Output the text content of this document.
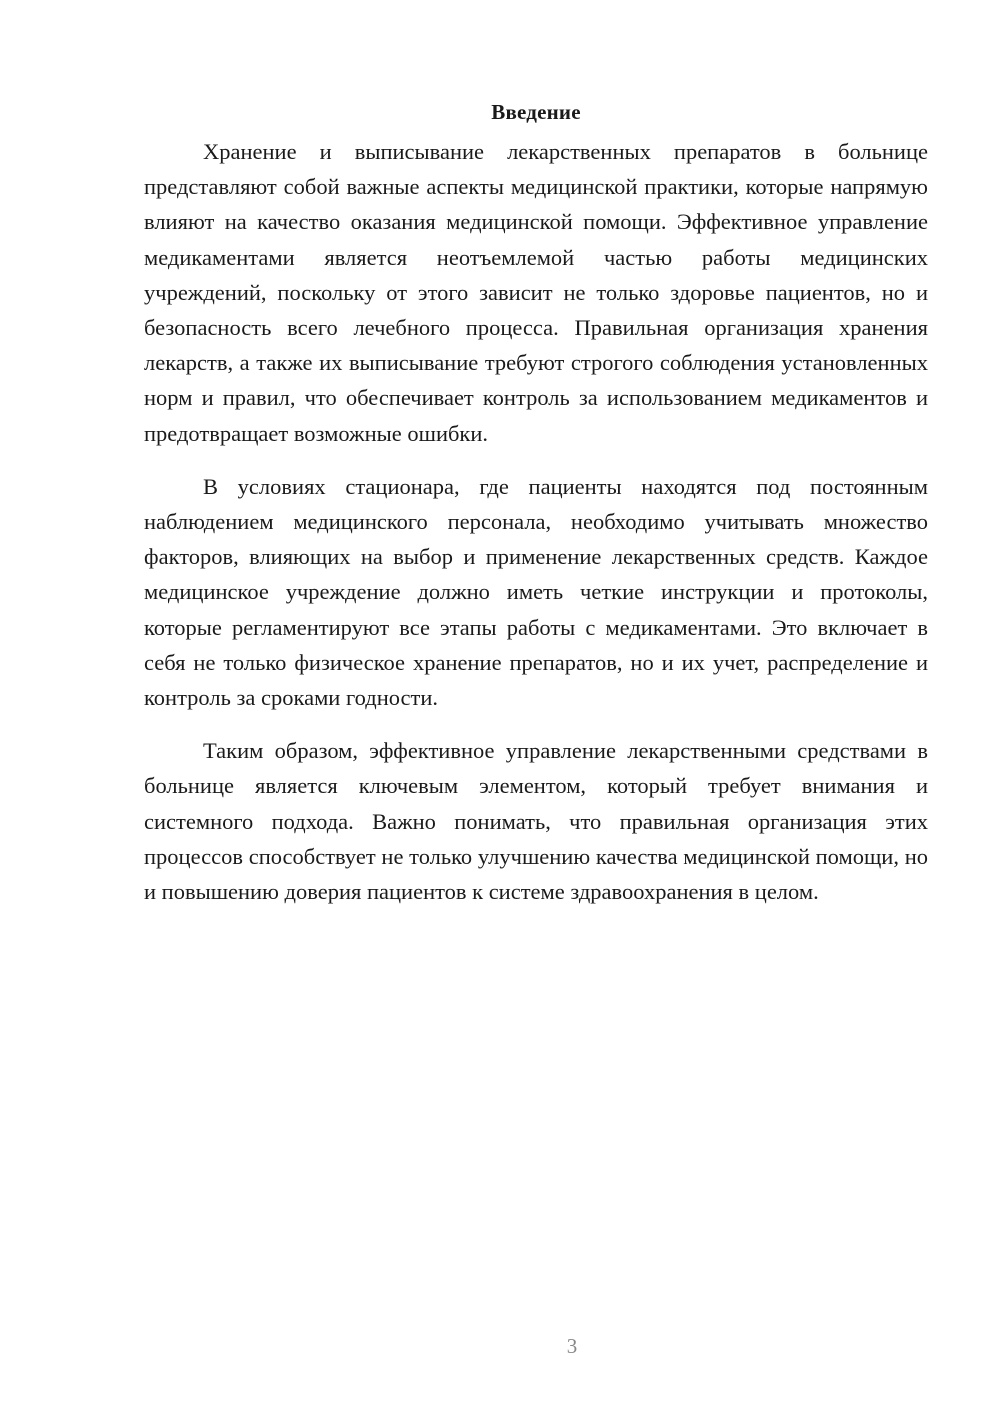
Введение

Хранение и выписывание лекарственных препаратов в больнице представляют собой важные аспекты медицинской практики, которые напрямую влияют на качество оказания медицинской помощи. Эффективное управление медикаментами является неотъемлемой частью работы медицинских учреждений, поскольку от этого зависит не только здоровье пациентов, но и безопасность всего лечебного процесса. Правильная организация хранения лекарств, а также их выписывание требуют строгого соблюдения установленных норм и правил, что обеспечивает контроль за использованием медикаментов и предотвращает возможные ошибки.

В условиях стационара, где пациенты находятся под постоянным наблюдением медицинского персонала, необходимо учитывать множество факторов, влияющих на выбор и применение лекарственных средств. Каждое медицинское учреждение должно иметь четкие инструкции и протоколы, которые регламентируют все этапы работы с медикаментами. Это включает в себя не только физическое хранение препаратов, но и их учет, распределение и контроль за сроками годности.

Таким образом, эффективное управление лекарственными средствами в больнице является ключевым элементом, который требует внимания и системного подхода. Важно понимать, что правильная организация этих процессов способствует не только улучшению качества медицинской помощи, но и повышению доверия пациентов к системе здравоохранения в целом.

3
